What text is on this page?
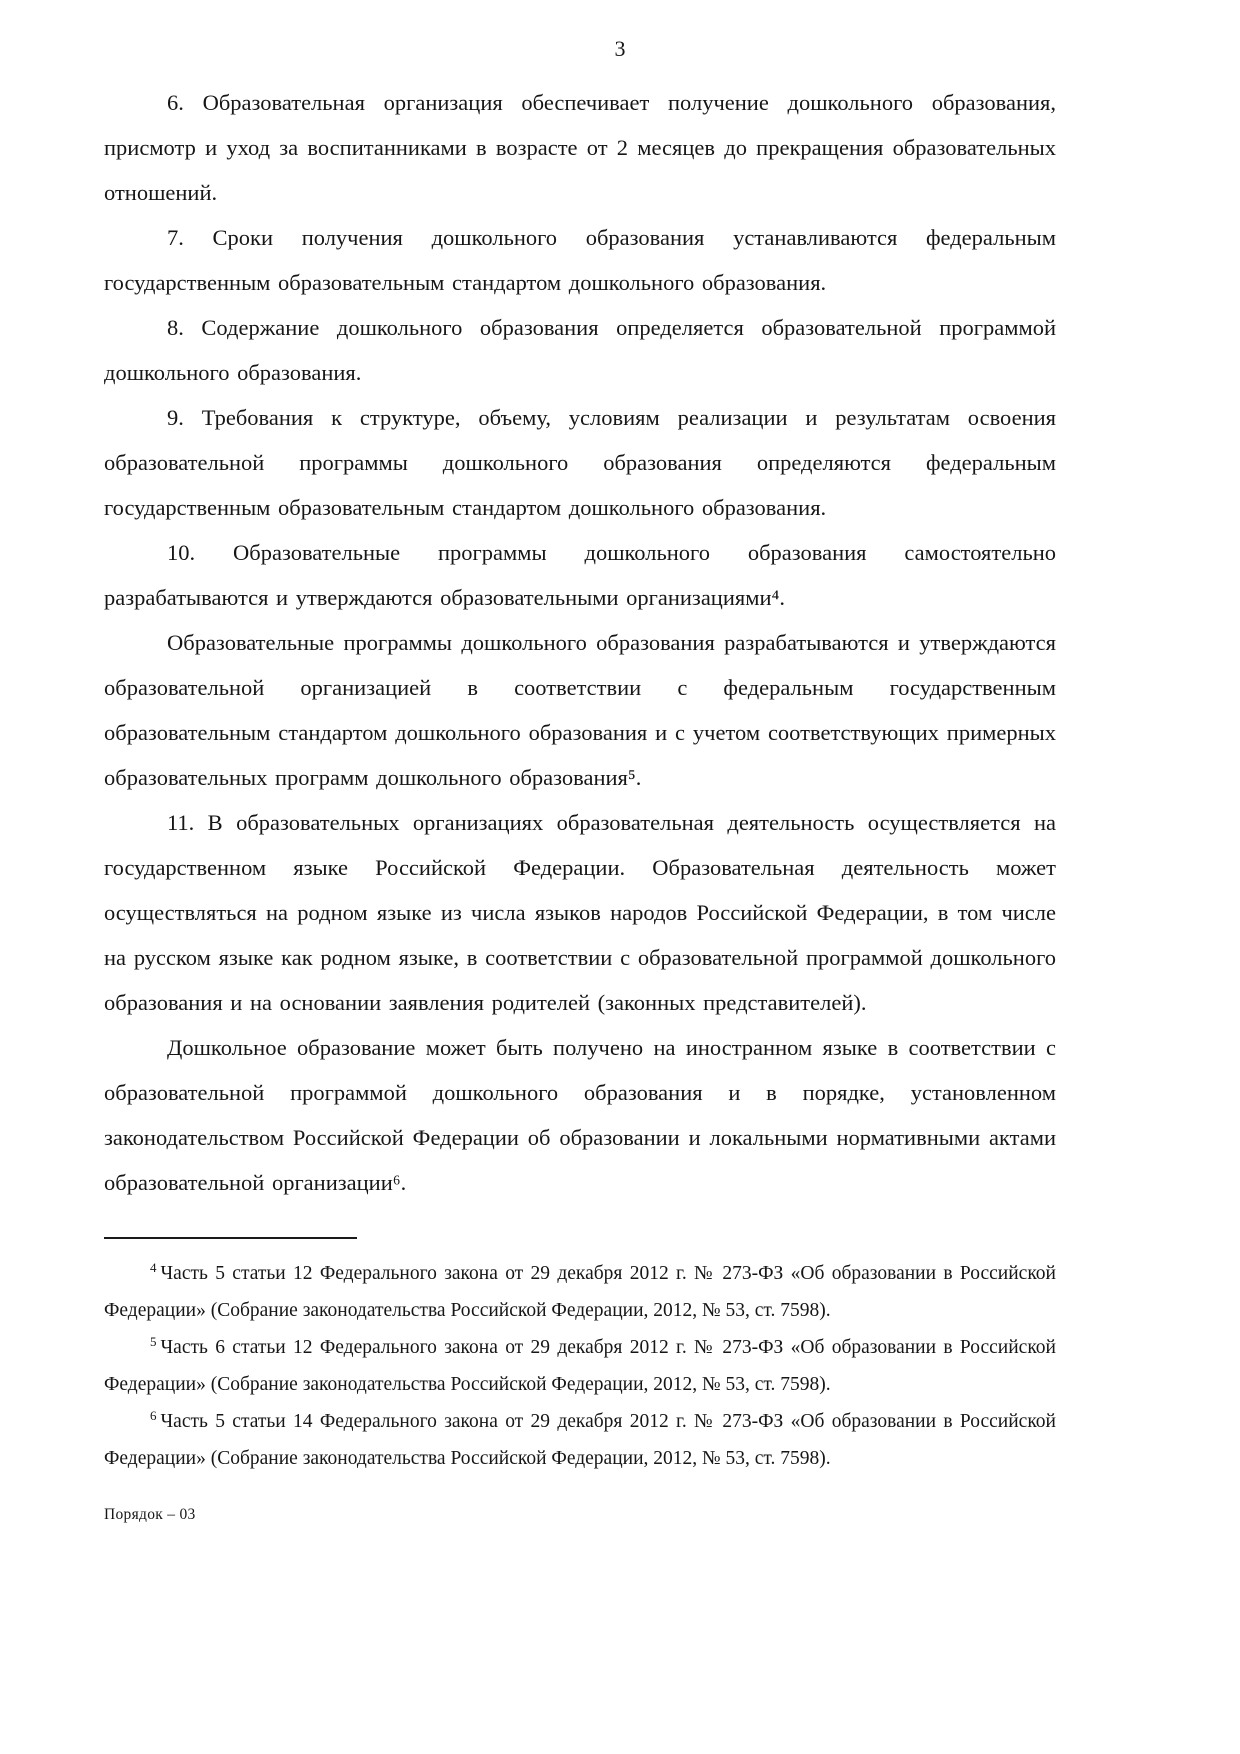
3

6. Образовательная организация обеспечивает получение дошкольного образования, присмотр и уход за воспитанниками в возрасте от 2 месяцев до прекращения образовательных отношений.

7. Сроки получения дошкольного образования устанавливаются федеральным государственным образовательным стандартом дошкольного образования.

8. Содержание дошкольного образования определяется образовательной программой дошкольного образования.

9. Требования к структуре, объему, условиям реализации и результатам освоения образовательной программы дошкольного образования определяются федеральным государственным образовательным стандартом дошкольного образования.

10. Образовательные программы дошкольного образования самостоятельно разрабатываются и утверждаются образовательными организациями⁴.

Образовательные программы дошкольного образования разрабатываются и утверждаются образовательной организацией в соответствии с федеральным государственным образовательным стандартом дошкольного образования и с учетом соответствующих примерных образовательных программ дошкольного образования⁵.

11. В образовательных организациях образовательная деятельность осуществляется на государственном языке Российской Федерации. Образовательная деятельность может осуществляться на родном языке из числа языков народов Российской Федерации, в том числе на русском языке как родном языке, в соответствии с образовательной программой дошкольного образования и на основании заявления родителей (законных представителей).

Дошкольное образование может быть получено на иностранном языке в соответствии с образовательной программой дошкольного образования и в порядке, установленном законодательством Российской Федерации об образовании и локальными нормативными актами образовательной организации⁶.

$^4$ Часть 5 статьи 12 Федерального закона от 29 декабря 2012 г. № 273-ФЗ «Об образовании в Российской Федерации» (Собрание законодательства Российской Федерации, 2012, № 53, ст. 7598).

$^5$ Часть 6 статьи 12 Федерального закона от 29 декабря 2012 г. № 273-ФЗ «Об образовании в Российской Федерации» (Собрание законодательства Российской Федерации, 2012, № 53, ст. 7598).

$^6$ Часть 5 статьи 14 Федерального закона от 29 декабря 2012 г. № 273-ФЗ «Об образовании в Российской Федерации» (Собрание законодательства Российской Федерации, 2012, № 53, ст. 7598).

Порядок – 03
